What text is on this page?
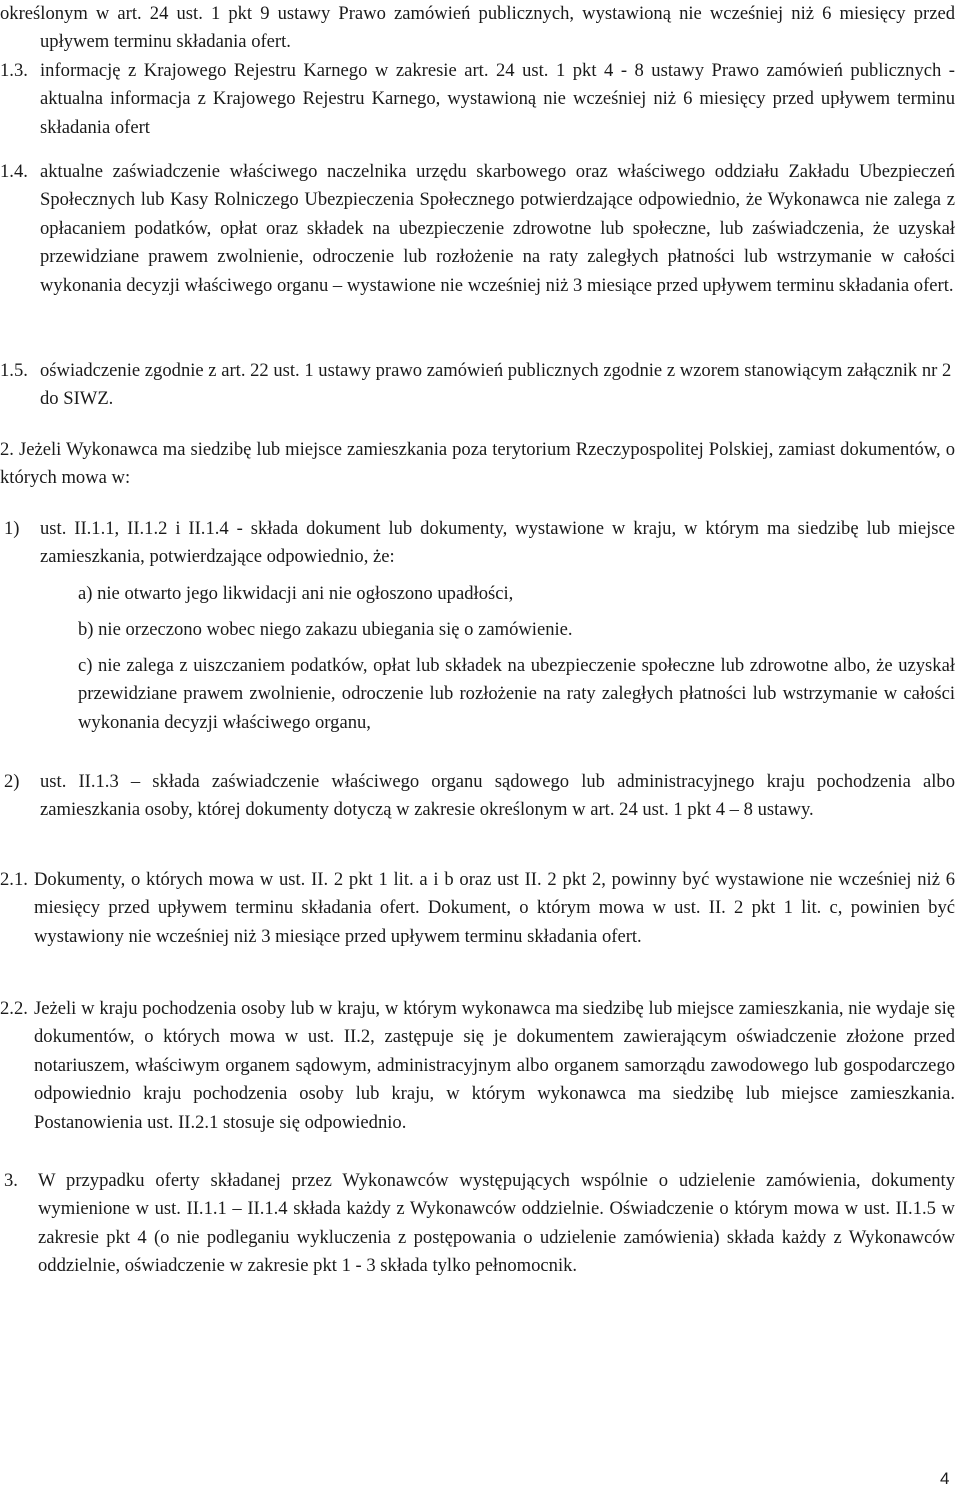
określonym w art. 24 ust. 1 pkt 9 ustawy Prawo zamówień publicznych, wystawioną nie wcześniej niż 6 miesięcy przed upływem terminu składania ofert.
1.3. informację z Krajowego Rejestru Karnego w zakresie art. 24 ust. 1 pkt 4 - 8 ustawy Prawo zamówień publicznych - aktualna informacja z Krajowego Rejestru Karnego, wystawioną nie wcześniej niż 6 miesięcy przed upływem terminu składania ofert
1.4. aktualne zaświadczenie właściwego naczelnika urzędu skarbowego oraz właściwego oddziału Zakładu Ubezpieczeń Społecznych lub Kasy Rolniczego Ubezpieczenia Społecznego potwierdzające odpowiednio, że Wykonawca nie zalega z opłacaniem podatków, opłat oraz składek na ubezpieczenie zdrowotne lub społeczne, lub zaświadczenia, że uzyskał przewidziane prawem zwolnienie, odroczenie lub rozłożenie na raty zaległych płatności lub wstrzymanie w całości wykonania decyzji właściwego organu – wystawione nie wcześniej niż 3 miesiące przed upływem terminu składania ofert.
1.5. oświadczenie zgodnie z art. 22 ust. 1 ustawy prawo zamówień publicznych zgodnie z wzorem stanowiącym załącznik nr 2 do SIWZ.
2. Jeżeli Wykonawca ma siedzibę lub miejsce zamieszkania poza terytorium Rzeczypospolitej Polskiej, zamiast dokumentów, o których mowa w:
1)	ust. II.1.1, II.1.2 i II.1.4 - składa dokument lub dokumenty, wystawione w kraju, w którym ma siedzibę lub miejsce zamieszkania, potwierdzające odpowiednio, że:
a) nie otwarto jego likwidacji ani nie ogłoszono upadłości,
b) nie orzeczono wobec niego zakazu ubiegania się o zamówienie.
c) nie zalega z uiszczaniem podatków, opłat lub składek na ubezpieczenie społeczne lub zdrowotne albo, że uzyskał przewidziane prawem zwolnienie, odroczenie lub rozłożenie na raty zaległych płatności lub wstrzymanie w całości wykonania decyzji właściwego organu,
2)	ust. II.1.3 – składa zaświadczenie właściwego organu sądowego lub administracyjnego kraju pochodzenia albo zamieszkania osoby, której dokumenty dotyczą w zakresie określonym w art. 24 ust. 1 pkt 4 – 8 ustawy.
2.1. Dokumenty, o których mowa w ust. II. 2 pkt 1 lit. a i b oraz ust II. 2 pkt 2, powinny być wystawione nie wcześniej niż 6 miesięcy przed upływem terminu składania ofert. Dokument, o którym mowa w ust. II. 2 pkt 1 lit. c, powinien być wystawiony nie wcześniej niż 3 miesiące przed upływem terminu składania ofert.
2.2. Jeżeli w kraju pochodzenia osoby lub w kraju, w którym wykonawca ma siedzibę lub miejsce zamieszkania, nie wydaje się dokumentów, o których mowa w ust. II.2, zastępuje się je dokumentem zawierającym oświadczenie złożone przed notariuszem, właściwym organem sądowym, administracyjnym albo organem samorządu zawodowego lub gospodarczego odpowiednio kraju pochodzenia osoby lub kraju, w którym wykonawca ma siedzibę lub miejsce zamieszkania. Postanowienia ust. II.2.1 stosuje się odpowiednio.
3.	W przypadku oferty składanej przez Wykonawców występujących wspólnie o udzielenie zamówienia, dokumenty wymienione w ust. II.1.1 – II.1.4 składa każdy z Wykonawców oddzielnie. Oświadczenie o którym mowa w ust. II.1.5 w zakresie pkt 4 (o nie podleganiu wykluczenia z postępowania o udzielenie zamówienia) składa każdy z Wykonawców oddzielnie, oświadczenie w zakresie pkt 1 - 3 składa tylko pełnomocnik.
4
